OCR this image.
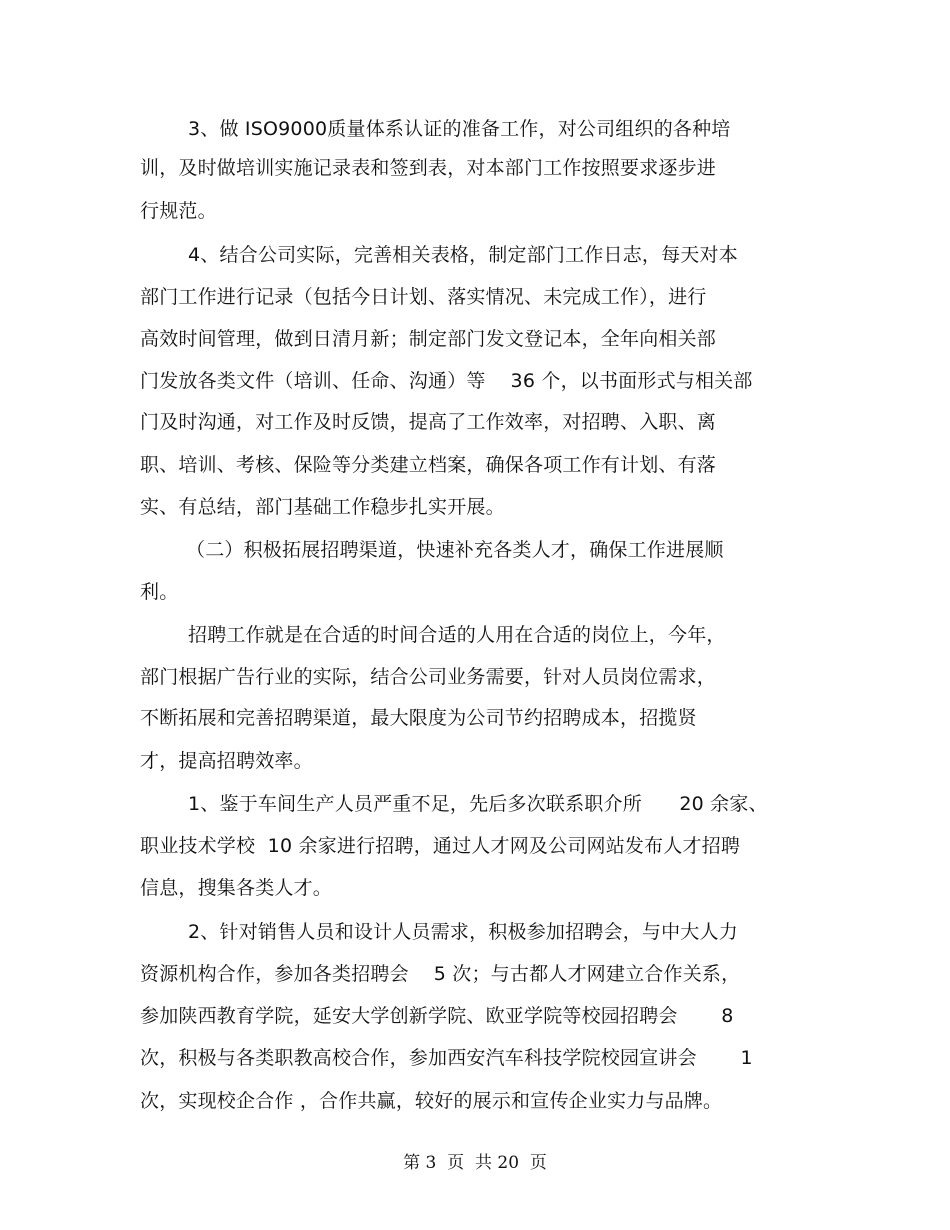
3、做 ISO9000质量体系认证的准备工作，对公司组织的各种培
训，及时做培训实施记录表和签到表，对本部门工作按照要求逐步进
行规范。
4、结合公司实际，完善相关表格，制定部门工作日志，每天对本
部门工作进行记录（包括今日计划、落实情况、未完成工作），进行
高效时间管理，做到日清月新；制定部门发文登记本，全年向相关部
门发放各类文件（培训、任命、沟通）等    36 个，以书面形式与相关部
门及时沟通，对工作及时反馈，提高了工作效率，对招聘、入职、离
职、培训、考核、保险等分类建立档案，确保各项工作有计划、有落
实、有总结，部门基础工作稳步扎实开展。
（二）积极拓展招聘渠道，快速补充各类人才，确保工作进展顺
利。
招聘工作就是在合适的时间合适的人用在合适的岗位上，今年，
部门根据广告行业的实际，结合公司业务需要，针对人员岗位需求，
不断拓展和完善招聘渠道，最大限度为公司节约招聘成本，招揽贤
才，提高招聘效率。
1、鉴于车间生产人员严重不足，先后多次联系职介所      20 余家、
职业技术学校  10 余家进行招聘，通过人才网及公司网站发布人才招聘
信息，搜集各类人才。
2、针对销售人员和设计人员需求，积极参加招聘会，与中大人力
资源机构合作，参加各类招聘会    5 次；与古都人才网建立合作关系，
参加陕西教育学院，延安大学创新学院、欧亚学院等校园招聘会       8
次，积极与各类职教高校合作，参加西安汽车科技学院校园宣讲会       1
次，实现校企合作 ，合作共赢，较好的展示和宣传企业实力与品牌。
第 3  页  共 20  页
